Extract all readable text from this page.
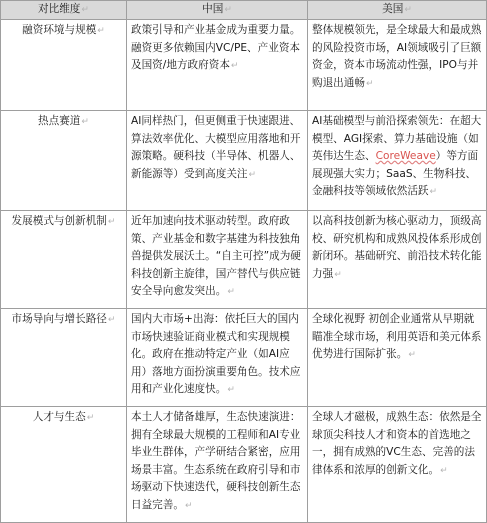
对比维度↵	中国↵	美国↵
融资环境与规模↵	政策引导和产业基金成为重要力量。融资更多依赖国内VC/PE、产业资本及国资/地方政府资本↵	整体规模领先，是全球最大和最成熟的风险投资市场，AI领域吸引了巨额资金，资本市场流动性强，IPO与并购退出通畅↵
热点赛道↵	AI同样热门，但更侧重于快速跟进、算法效率优化、大模型应用落地和开源策略。硬科技（半导体、机器人、新能源等）受到高度关注↵	AI基础模型与前沿探索领先：在超大模型、AGI探索、算力基础设施（如英伟达生态、CoreWeave）等方面展现强大实力；SaaS、生物科技、金融科技等领域依然活跃↵
发展模式与创新机制↵	近年加速向技术驱动转型。政府政策、产业基金和数字基建为科技独角兽提供发展沃土。“自主可控”成为硬科技创新主旋律，国产替代与供应链安全导向愈发突出。↵	以高科技创新为核心驱动力，顶级高校、研究机构和成熟风投体系形成创新闭环。基础研究、前沿技术转化能力强↵
市场导向与增长路径↵	国内大市场+出海：依托巨大的国内市场快速验证商业模式和实现规模化。政府在推动特定产业（如AI应用）落地方面扮演重要角色。技术应用和产业化速度快。↵	全球化视野 初创企业通常从早期就瞄准全球市场，利用英语和美元体系优势进行国际扩张。↵
人才与生态↵	本土人才储备雄厚，生态快速演进：拥有全球最大规模的工程师和AI专业毕业生群体，产学研结合紧密，应用场景丰富。生态系统在政府引导和市场驱动下快速迭代，硬科技创新生态日益完善。↵	全球人才磁极，成熟生态：依然是全球顶尖科技人才和资本的首选地之一，拥有成熟的VC生态、完善的法律体系和浓厚的创新文化。↵
